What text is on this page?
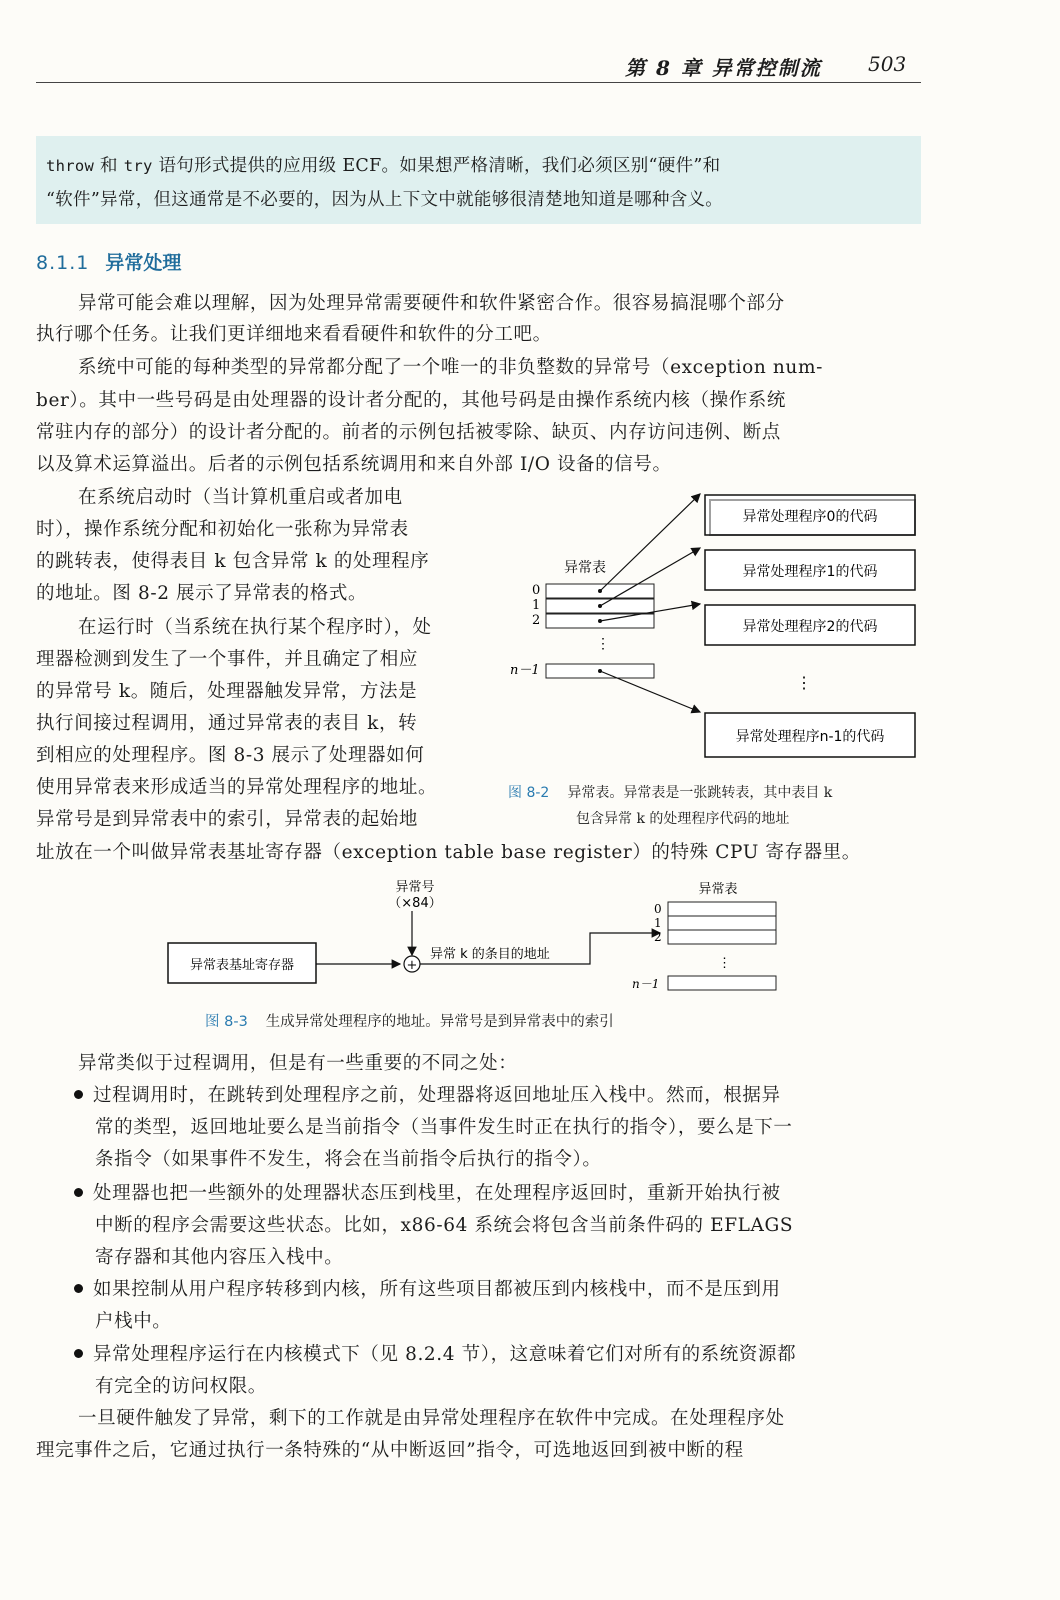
第 8 章 异常控制流 503
throw 和 try 语句形式提供的应用级 ECF。如果想严格清晰，我们必须区别“硬件”和
“软件”异常，但这通常是不必要的，因为从上下文中就能够很清楚地知道是哪种含义。
8.1.1 异常处理
异常可能会难以理解，因为处理异常需要硬件和软件紧密合作。很容易搞混哪个部分
执行哪个任务。让我们更详细地来看看硬件和软件的分工吧。
系统中可能的每种类型的异常都分配了一个唯一的非负整数的异常号（exception num-
ber）。其中一些号码是由处理器的设计者分配的，其他号码是由操作系统内核（操作系统
常驻内存的部分）的设计者分配的。前者的示例包括被零除、缺页、内存访问违例、断点
以及算术运算溢出。后者的示例包括系统调用和来自外部 I/O 设备的信号。
在系统启动时（当计算机重启或者加电
时），操作系统分配和初始化一张称为异常表
的跳转表，使得表目 k 包含异常 k 的处理程序
的地址。图 8-2 展示了异常表的格式。
在运行时（当系统在执行某个程序时），处
理器检测到发生了一个事件，并且确定了相应
的异常号 k。随后，处理器触发异常，方法是
执行间接过程调用，通过异常表的表目 k，转
到相应的处理程序。图 8-3 展示了处理器如何
使用异常表来形成适当的异常处理程序的地址。
异常号是到异常表中的索引，异常表的起始地
址放在一个叫做异常表基址寄存器（exception table base register）的特殊 CPU 寄存器里。
异常表
0
1
2
n－1
⋮
异常处理程序0的代码
异常处理程序1的代码
异常处理程序2的代码
⋮
异常处理程序n-1的代码
图 8-2 异常表。异常表是一张跳转表，其中表目 k
包含异常 k 的处理程序代码的地址
异常号
（×84）
异常表
异常表基址寄存器	+
异常 k 的条目的地址
0
1
2
n－1
⋮
图 8-3 生成异常处理程序的地址。异常号是到异常表中的索引
异常类似于过程调用，但是有一些重要的不同之处：
过程调用时，在跳转到处理程序之前，处理器将返回地址压入栈中。然而，根据异
常的类型，返回地址要么是当前指令（当事件发生时正在执行的指令），要么是下一
条指令（如果事件不发生，将会在当前指令后执行的指令）。
处理器也把一些额外的处理器状态压到栈里，在处理程序返回时，重新开始执行被
中断的程序会需要这些状态。比如，x86-64 系统会将包含当前条件码的 EFLAGS
寄存器和其他内容压入栈中。
如果控制从用户程序转移到内核，所有这些项目都被压到内核栈中，而不是压到用
户栈中。
异常处理程序运行在内核模式下（见 8.2.4 节），这意味着它们对所有的系统资源都
有完全的访问权限。
一旦硬件触发了异常，剩下的工作就是由异常处理程序在软件中完成。在处理程序处
理完事件之后，它通过执行一条特殊的“从中断返回”指令，可选地返回到被中断的程
